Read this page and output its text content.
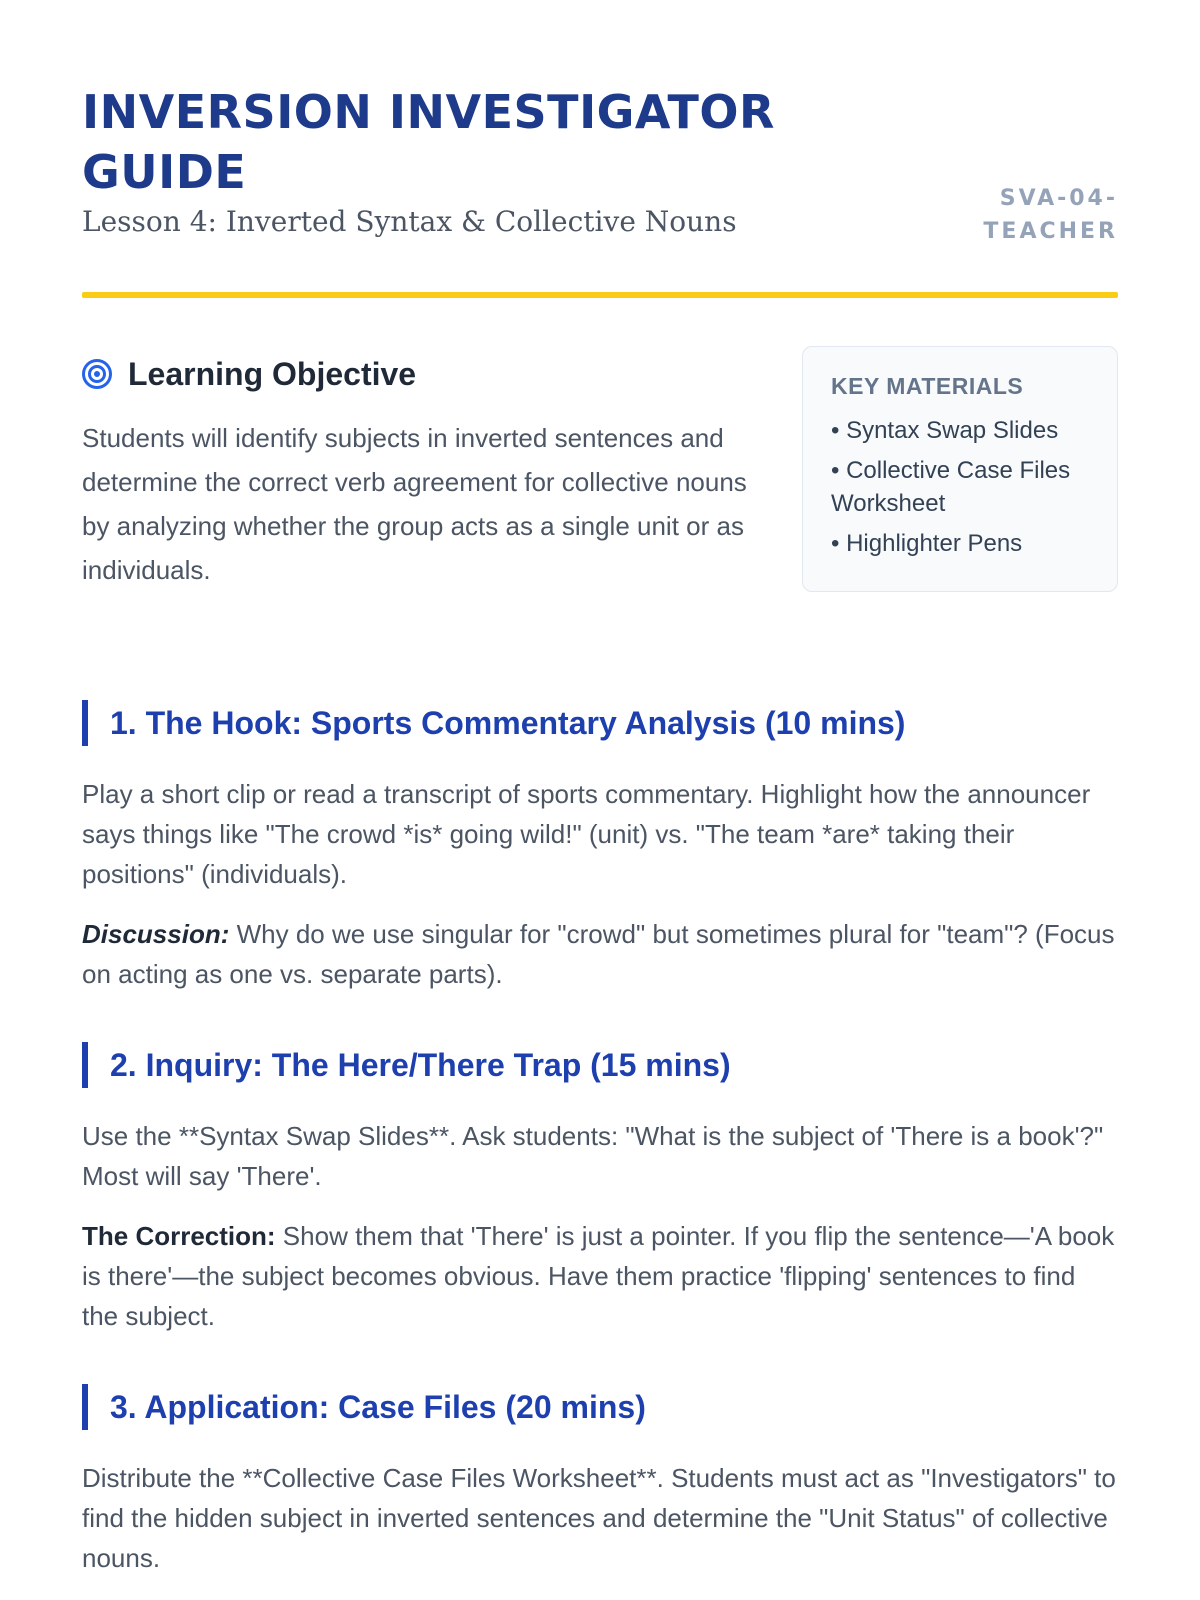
INVERSION INVESTIGATOR GUIDE
Lesson 4: Inverted Syntax & Collective Nouns
SVA-04-TEACHER
Learning Objective
Students will identify subjects in inverted sentences and determine the correct verb agreement for collective nouns by analyzing whether the group acts as a single unit or as individuals.
KEY MATERIALS
• Syntax Swap Slides
• Collective Case Files Worksheet
• Highlighter Pens
1. The Hook: Sports Commentary Analysis (10 mins)

Play a short clip or read a transcript of sports commentary. Highlight how the announcer says things like "The crowd *is* going wild!" (unit) vs. "The team *are* taking their positions" (individuals).

Discussion: Why do we use singular for "crowd" but sometimes plural for "team"? (Focus on acting as one vs. separate parts).

2. Inquiry: The Here/There Trap (15 mins)

Use the **Syntax Swap Slides**. Ask students: "What is the subject of 'There is a book'?" Most will say 'There'.

The Correction: Show them that 'There' is just a pointer. If you flip the sentence—'A book is there'—the subject becomes obvious. Have them practice 'flipping' sentences to find the subject.

3. Application: Case Files (20 mins)

Distribute the **Collective Case Files Worksheet**. Students must act as "Investigators" to find the hidden subject in inverted sentences and determine the "Unit Status" of collective nouns.
